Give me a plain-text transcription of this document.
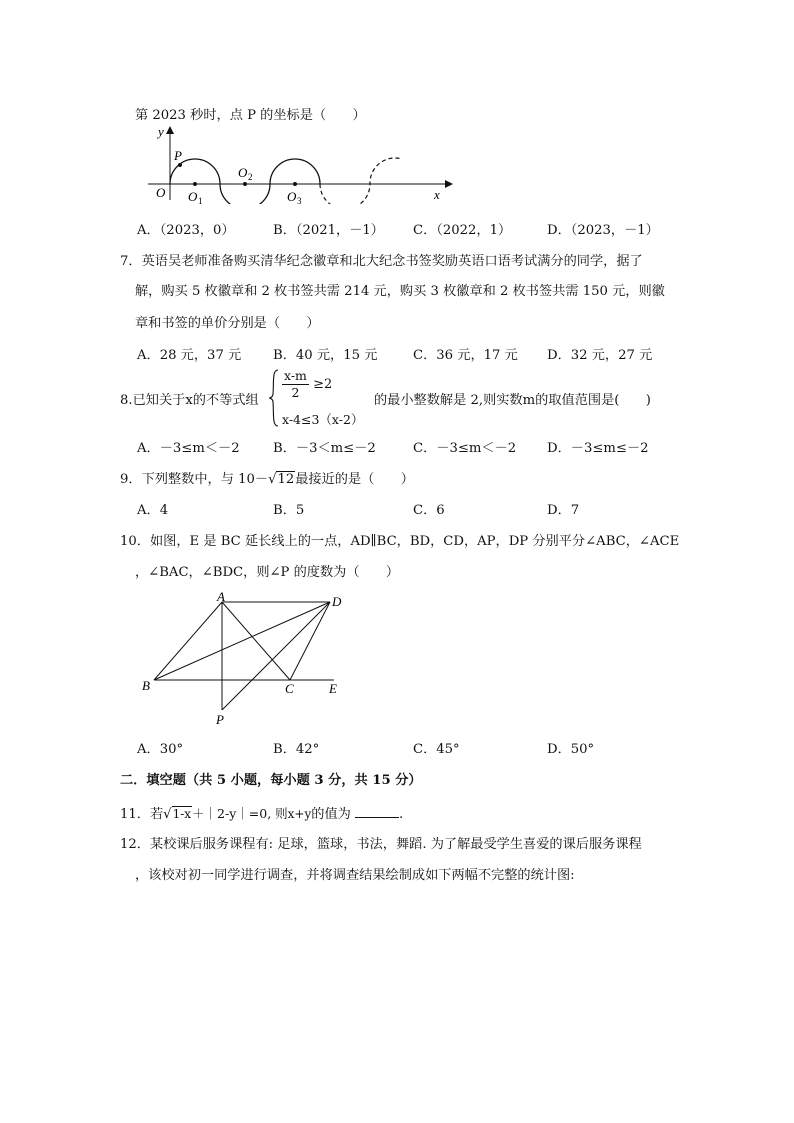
第 2023 秒时，点 P 的坐标是（　　）
y
x
O
P
O 1
O 2
O 3
A．（2023，0）	B．（2021，－1） C．（2022，1）	D．（2023，－1）
7．英语吴老师准备购买清华纪念徽章和北大纪念书签奖励英语口语考试满分的同学，据了
解，购买 5 枚徽章和 2 枚书签共需 214 元，购买 3 枚徽章和 2 枚书签共需 150 元，则徽
章和书签的单价分别是（　　）
A．28 元，37 元 B．40 元，15 元	C．36 元，17 元 D．32 元，27 元
8.已知关于x的不等式组 $\frac{x-m}{2} \ge 2$
x-4≤3（x-2）
的最小整数解是 2,则实数m的取值范围是(　　)
A．－3≤m＜－2	B．－3＜m≤－2	C．－3≤m＜－2 D．－3≤m≤－2
9．下列整数中，与 10－√12最接近的是（　　）
A．4	B．5	C．6	D．7
10．如图，E 是 BC 延长线上的一点，AD∥BC，BD，CD，AP，DP 分别平分∠ABC，∠ACE
，∠BAC，∠BDC，则∠P 的度数为（　　）
A	D
B	C	E
P
A．30°	B．42°	C．45°	D．50°
二．填空题（共 5 小题，每小题 3 分，共 15 分）
11．若√1-x＋｜2-y｜=0, 则x+y的值为	.
12．某校课后服务课程有: 足球，篮球，书法，舞蹈. 为了解最受学生喜爱的课后服务课程
，该校对初一同学进行调查，并将调查结果绘制成如下两幅不完整的统计图:
